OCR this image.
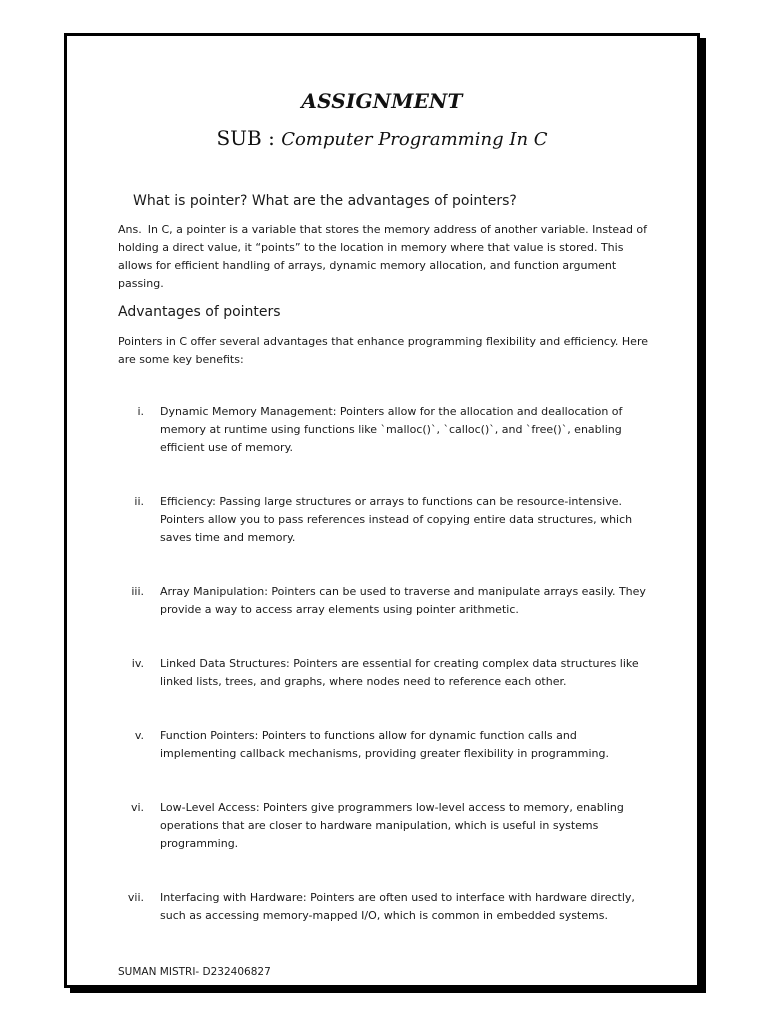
ASSIGNMENT
SUB : Computer Programming In C
What is pointer? What are the advantages of pointers?
Ans. In C, a pointer is a variable that stores the memory address of another variable. Instead of holding a direct value, it “points” to the location in memory where that value is stored. This allows for efficient handling of arrays, dynamic memory allocation, and function argument passing.
Advantages of pointers
Pointers in C offer several advantages that enhance programming flexibility and efficiency. Here are some key benefits:
i. Dynamic Memory Management: Pointers allow for the allocation and deallocation of memory at runtime using functions like `malloc()`, `calloc()`, and `free()`, enabling efficient use of memory.
ii. Efficiency: Passing large structures or arrays to functions can be resource-intensive. Pointers allow you to pass references instead of copying entire data structures, which saves time and memory.
iii. Array Manipulation: Pointers can be used to traverse and manipulate arrays easily. They provide a way to access array elements using pointer arithmetic.
iv. Linked Data Structures: Pointers are essential for creating complex data structures like linked lists, trees, and graphs, where nodes need to reference each other.
v. Function Pointers: Pointers to functions allow for dynamic function calls and implementing callback mechanisms, providing greater flexibility in programming.
vi. Low-Level Access: Pointers give programmers low-level access to memory, enabling operations that are closer to hardware manipulation, which is useful in systems programming.
vii. Interfacing with Hardware: Pointers are often used to interface with hardware directly, such as accessing memory-mapped I/O, which is common in embedded systems.
SUMAN MISTRI- D232406827
